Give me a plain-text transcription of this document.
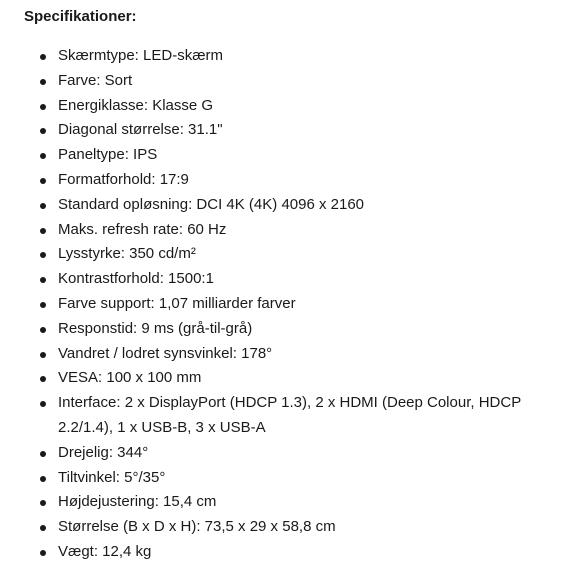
Specifikationer:
Skærmtype: LED-skærm
Farve: Sort
Energiklasse: Klasse G
Diagonal størrelse: 31.1"
Paneltype: IPS
Formatforhold: 17:9
Standard opløsning: DCI 4K (4K) 4096 x 2160
Maks. refresh rate: 60 Hz
Lysstyrke: 350 cd/m²
Kontrastforhold: 1500:1
Farve support: 1,07 milliarder farver
Responstid: 9 ms (grå-til-grå)
Vandret / lodret synsvinkel: 178°
VESA: 100 x 100 mm
Interface: 2 x DisplayPort (HDCP 1.3), 2 x HDMI (Deep Colour, HDCP 2.2/1.4), 1 x USB-B, 3 x USB-A
Drejelig: 344°
Tiltvinkel: 5°/35°
Højdejustering: 15,4 cm
Størrelse (B x D x H): 73,5 x 29 x 58,8 cm
Vægt: 12,4 kg
